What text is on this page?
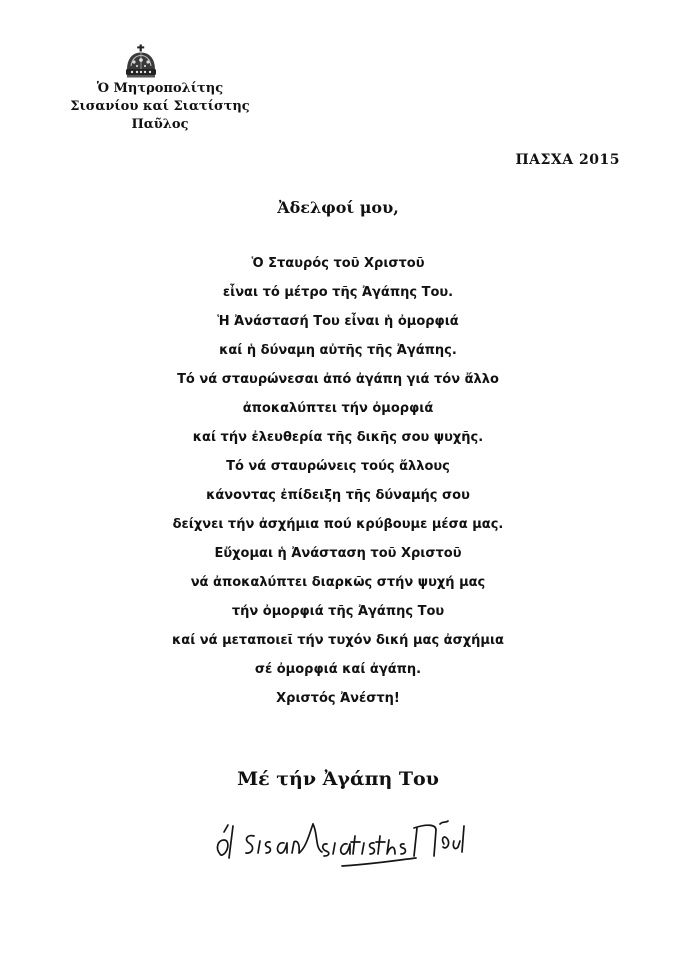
Ὁ Μητροπολίτης
Σισανίου καί Σιατίστης
Παῦλος
ΠΑΣΧΑ 2015
Ἀδελφοί μου,
Ὁ Σταυρός τοῦ Χριστοῦ
εἶναι τό μέτρο τῆς Ἀγάπης Του.
Ἡ Ἀνάστασή Του εἶναι ἡ ὀμορφιά
καί ἡ δύναμη αὐτῆς τῆς Ἀγάπης.
Τό νά σταυρώνεσαι ἀπό ἀγάπη γιά τόν ἄλλο
ἀποκαλύπτει τήν ὀμορφιά
καί τήν ἐλευθερία τῆς δικῆς σου ψυχῆς.
Τό νά σταυρώνεις τούς ἄλλους
κάνοντας ἐπίδειξη τῆς δύναμής σου
δείχνει τήν ἀσχήμια πού κρύβουμε μέσα μας.
Εὔχομαι ἡ Ἀνάσταση τοῦ Χριστοῦ
νά ἀποκαλύπτει διαρκῶς στήν ψυχή μας
τήν ὀμορφιά τῆς Ἀγάπης Του
καί νά μεταποιεῖ τήν τυχόν δική μας ἀσχήμια
σέ ὀμορφιά καί ἀγάπη.
Χριστός Ἀνέστη!
Μέ τήν Ἀγάπη Του
